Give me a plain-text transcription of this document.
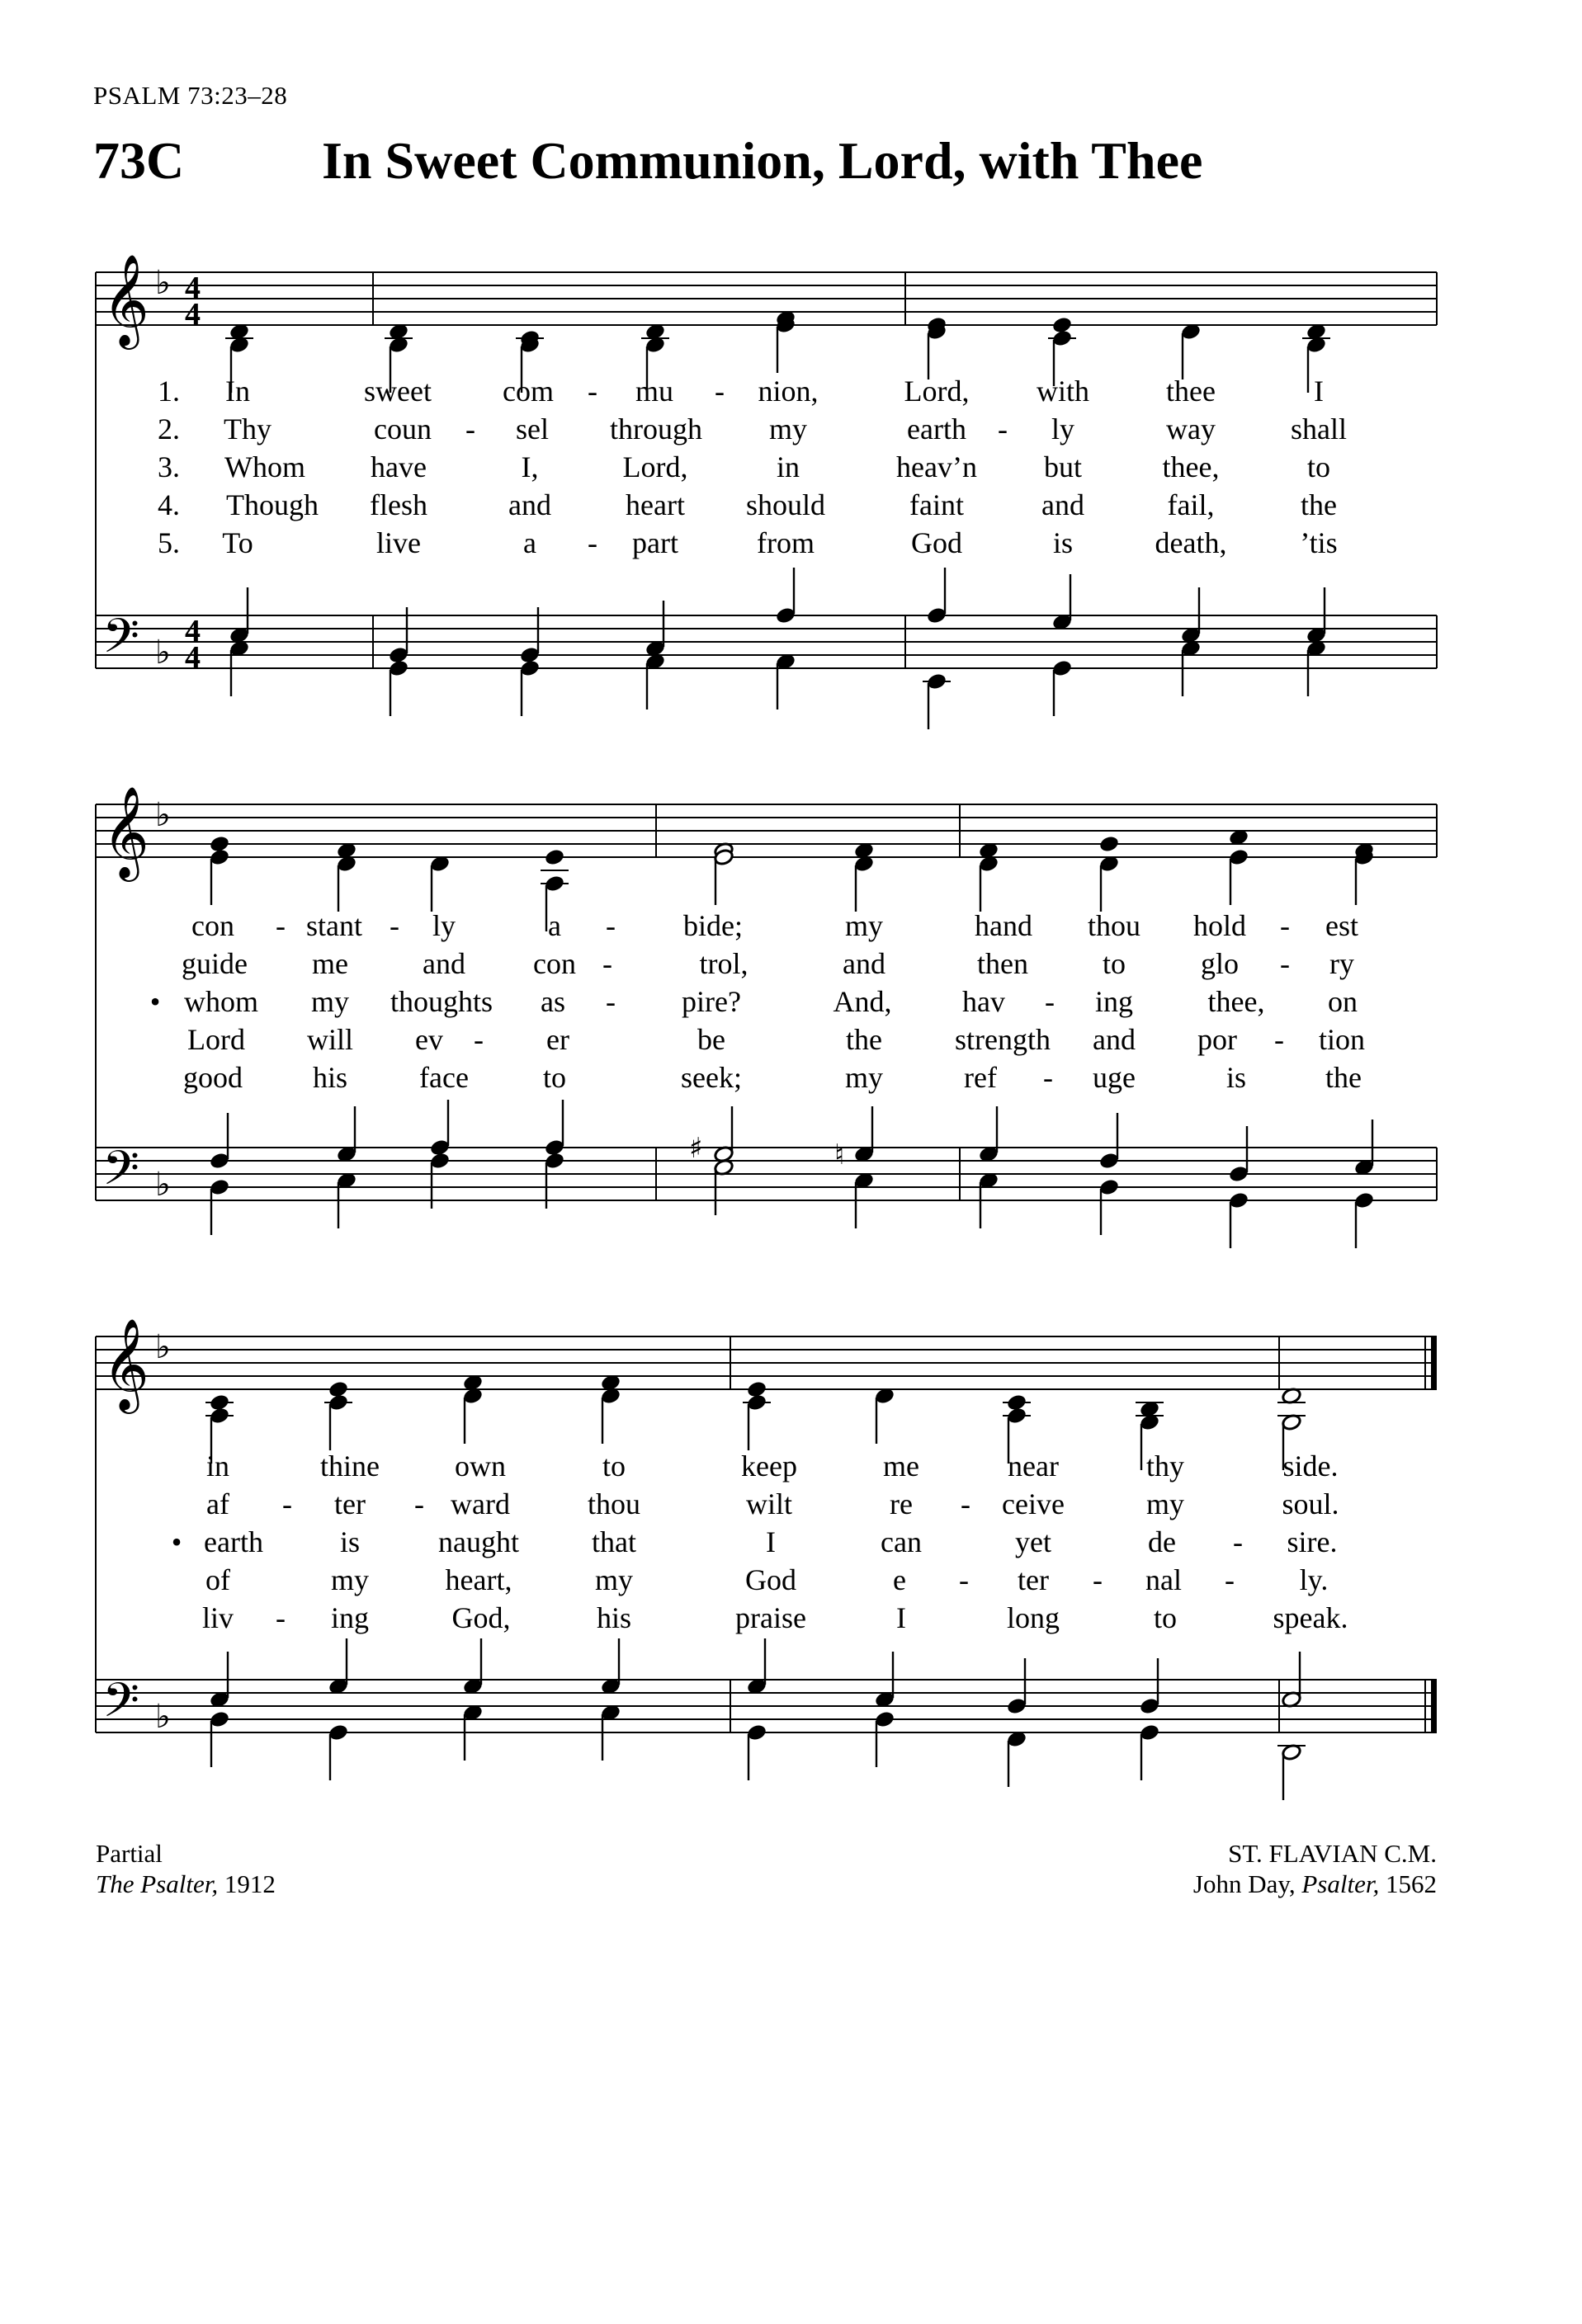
PSALM 73:23–28
73C	In Sweet Communion, Lord, with Thee
𝄞
𝄢
♭
♭
4
4
4
4
𝄞
𝄢
♭
♭
𝄞
𝄢
♭
♭
♯	♮
1. In	sweet com - mu - nion,	Lord, with	thee	I
2. Thy	coun - sel through my	earth - ly	way	shall
3. Whom have	I,	Lord,	in	heav’n but	thee,	to
4. Though flesh	and	heart should	faint	and	fail,	the
5. To	live	a - part	from	God	is	death, ’tis
con - stant - ly	a - bide;	my	hand thou hold - est
guide me	and con -	trol,	and	then	to	glo - ry
• whom my thoughts as - pire?	And, hav - ing	thee, on
Lord will ev - er	be	the strength and por - tion
good his face	to	seek;	my	ref - uge	is	the
in	thine	own	to	keep	me	near	thy	side.
af - ter - ward	thou	wilt	re - ceive	my	soul.
• earth	is	naught that	I	can	yet	de - sire.
of	my	heart,	my	God	e - ter - nal - ly.
liv - ing	God,	his	praise	I	long	to	speak.
Partial
The Psalter, 1912
ST. FLAVIAN C.M.
John Day, Psalter, 1562
